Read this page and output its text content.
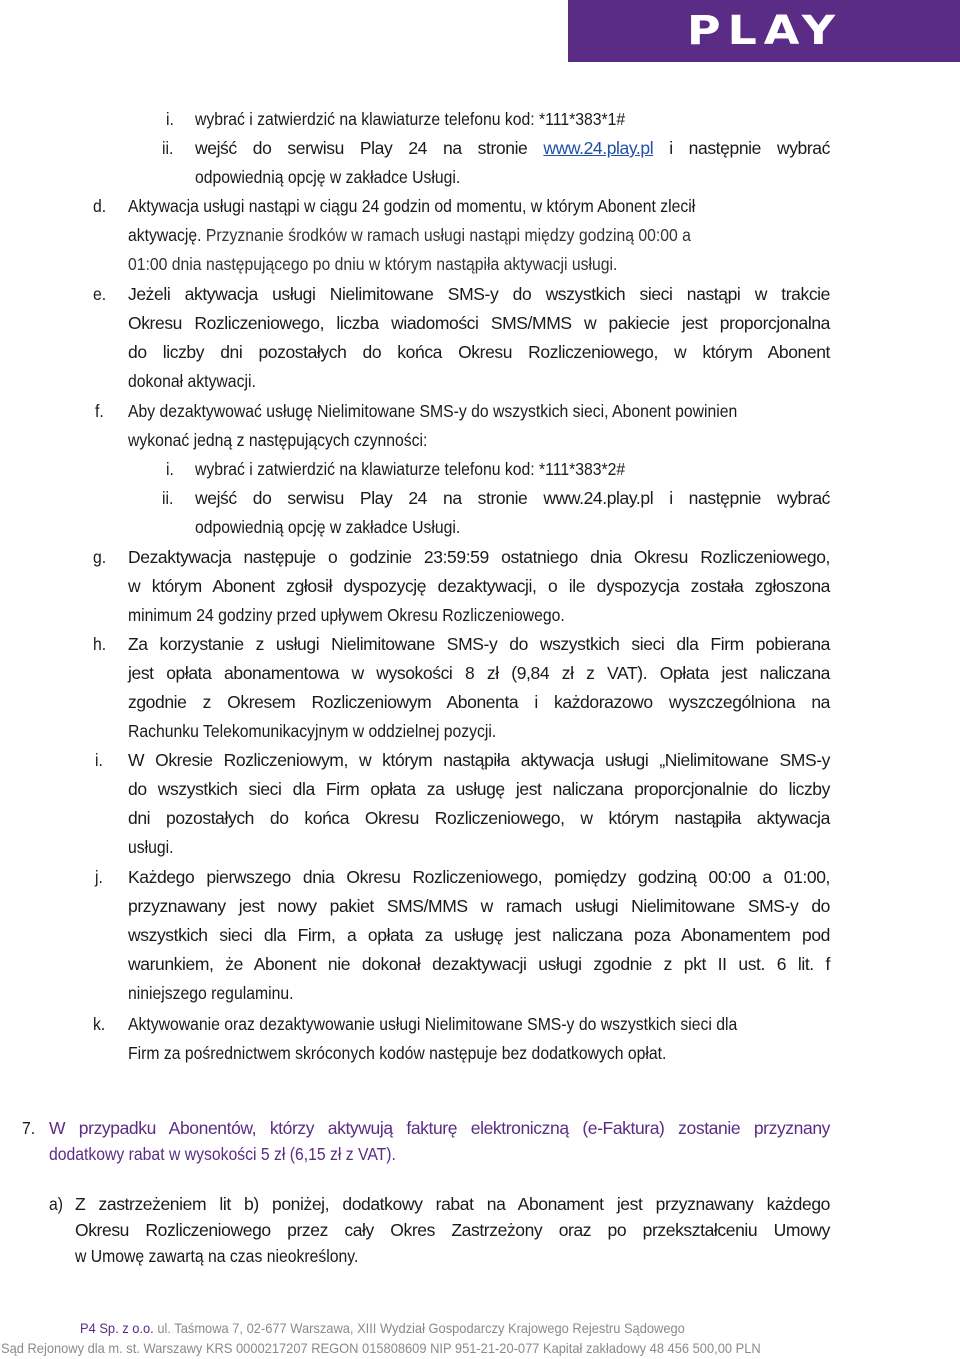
PLAY
i. wybrać i zatwierdzić na klawiaturze telefonu kod: *111*383*1#
ii. wejść do serwisu Play 24 na stronie www.24.play.pl i następnie wybrać
odpowiednią opcję w zakładce Usługi.
d. Aktywacja usługi nastąpi w ciągu 24 godzin od momentu, w którym Abonent zlecił
aktywację. Przyznanie środków w ramach usługi nastąpi między godziną 00:00 a
01:00 dnia następującego po dniu w którym nastąpiła aktywacji usługi.
e. Jeżeli aktywacja usługi Nielimitowane SMS-y do wszystkich sieci nastąpi w trakcie
Okresu Rozliczeniowego, liczba wiadomości SMS/MMS w pakiecie jest proporcjonalna
do liczby dni pozostałych do końca Okresu Rozliczeniowego, w którym Abonent
dokonał aktywacji.
f. Aby dezaktywować usługę Nielimitowane SMS-y do wszystkich sieci, Abonent powinien
wykonać jedną z następujących czynności:
i. wybrać i zatwierdzić na klawiaturze telefonu kod: *111*383*2#
ii. wejść do serwisu Play 24 na stronie www.24.play.pl i następnie wybrać
odpowiednią opcję w zakładce Usługi.
g. Dezaktywacja następuje o godzinie 23:59:59 ostatniego dnia Okresu Rozliczeniowego,
w którym Abonent zgłosił dyspozycję dezaktywacji, o ile dyspozycja została zgłoszona
minimum 24 godziny przed upływem Okresu Rozliczeniowego.
h. Za korzystanie z usługi Nielimitowane SMS-y do wszystkich sieci dla Firm pobierana
jest opłata abonamentowa w wysokości 8 zł (9,84 zł z VAT). Opłata jest naliczana
zgodnie z Okresem Rozliczeniowym Abonenta i każdorazowo wyszczególniona na
Rachunku Telekomunikacyjnym w oddzielnej pozycji.
i. W Okresie Rozliczeniowym, w którym nastąpiła aktywacja usługi „Nielimitowane SMS-y
do wszystkich sieci dla Firm opłata za usługę jest naliczana proporcjonalnie do liczby
dni pozostałych do końca Okresu Rozliczeniowego, w którym nastąpiła aktywacja
usługi.
j. Każdego pierwszego dnia Okresu Rozliczeniowego, pomiędzy godziną 00:00 a 01:00,
przyznawany jest nowy pakiet SMS/MMS w ramach usługi Nielimitowane SMS-y do
wszystkich sieci dla Firm, a opłata za usługę jest naliczana poza Abonamentem pod
warunkiem, że Abonent nie dokonał dezaktywacji usługi zgodnie z pkt II ust. 6 lit. f
niniejszego regulaminu.
k. Aktywowanie oraz dezaktywowanie usługi Nielimitowane SMS-y do wszystkich sieci dla
Firm za pośrednictwem skróconych kodów następuje bez dodatkowych opłat.
7. W przypadku Abonentów, którzy aktywują fakturę elektroniczną (e-Faktura) zostanie przyznany
dodatkowy rabat w wysokości 5 zł (6,15 zł z VAT).
a) Z zastrzeżeniem lit b) poniżej, dodatkowy rabat na Abonament jest przyznawany każdego
Okresu Rozliczeniowego przez cały Okres Zastrzeżony oraz po przekształceniu Umowy
w Umowę zawartą na czas nieokreślony.
P4 Sp. z o.o. ul. Taśmowa 7, 02-677 Warszawa, XIII Wydział Gospodarczy Krajowego Rejestru Sądowego
Sąd Rejonowy dla m. st. Warszawy KRS 0000217207 REGON 015808609 NIP 951-21-20-077 Kapitał zakładowy 48 456 500,00 PLN
